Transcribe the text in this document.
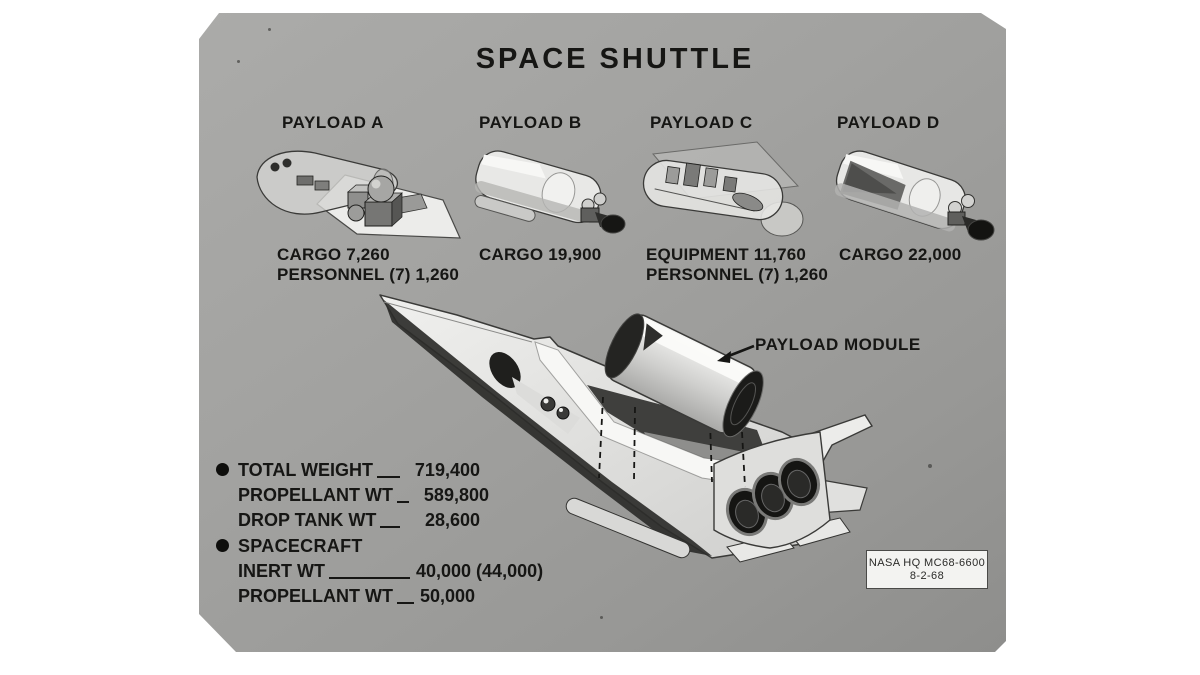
SPACE SHUTTLE
PAYLOAD A	PAYLOAD B	PAYLOAD C	PAYLOAD D
CARGO 7,260
PERSONNEL (7) 1,260
CARGO 19,900	EQUIPMENT 11,760
PERSONNEL (7) 1,260
CARGO 22,000
PAYLOAD MODULE
TOTAL WEIGHT	719,400
PROPELLANT WT	589,800
DROP TANK WT	28,600
SPACECRAFT
INERT WT	40,000 (44,000)
PROPELLANT WT 50,000
NASA HQ MC68-6600
8-2-68
